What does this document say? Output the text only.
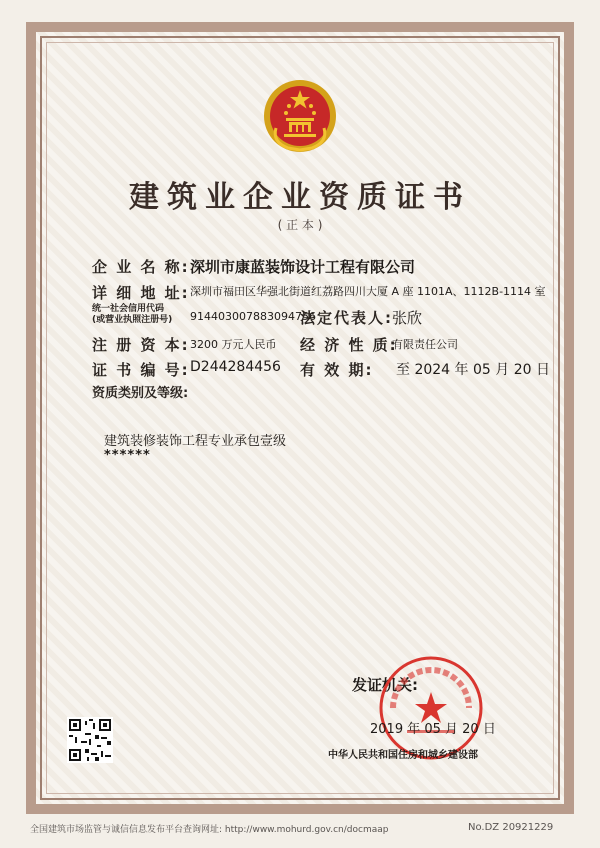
建筑业企业资质证书
( 正 本 )
企 业 名 称: 深圳市康蓝装饰设计工程有限公司
详 细 地 址: 深圳市福田区华强北街道红荔路四川大厦 A 座 1101A、1112B-1114 室
统一社会信用代码
(或营业执照注册号) 914403007883094756
法定代表人: 张欣
注 册 资 本: 3200 万元人民币 经 济 性 质:
有限责任公司
证 书 编 号: D244284456 有 效 期: 至 2024 年 05 月 20 日
资质类别及等级:
建筑装修装饰工程专业承包壹级
******
发证机关:
2019 年 05 月 20 日
中华人民共和国住房和城乡建设部
全国建筑市场监管与诚信信息发布平台查询网址: http://www.mohurd.gov.cn/docmaap	No.DZ 20921229
